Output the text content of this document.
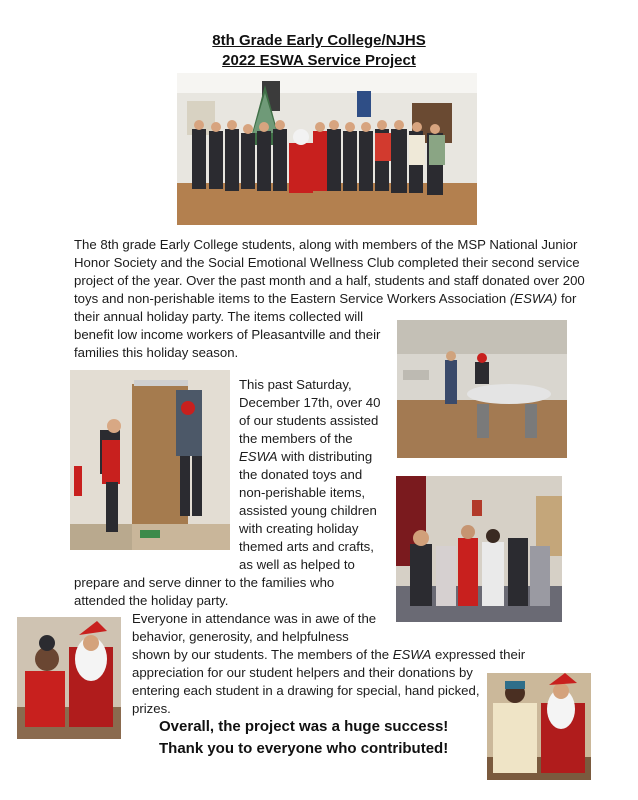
8th Grade Early College/NJHS
2022 ESWA Service Project
The 8th grade Early College students, along with members of the MSP National Junior
Honor Society and the Social Emotional Wellness Club completed their second service
project of the year. Over the past month and a half, students and staff donated over 200
toys and non-perishable items to the Eastern Service Workers Association (ESWA) for
their annual holiday party. The items collected will
benefit low income workers of Pleasantville and their
families this holiday season.
This past Saturday,
December 17th, over 40
of our students assisted
the members of the
ESWA with distributing
the donated toys and
non-perishable items,
assisted young children
with creating holiday
themed arts and crafts,
as well as helped to
prepare and serve dinner to the families who
attended the holiday party.
Everyone in attendance was in awe of the
behavior, generosity, and helpfulness
shown by our students. The members of the ESWA expressed their
appreciation for our student helpers and their donations by
entering each student in a drawing for special, hand picked,
prizes.
Overall, the project was a huge success!
Thank you to everyone who contributed!
